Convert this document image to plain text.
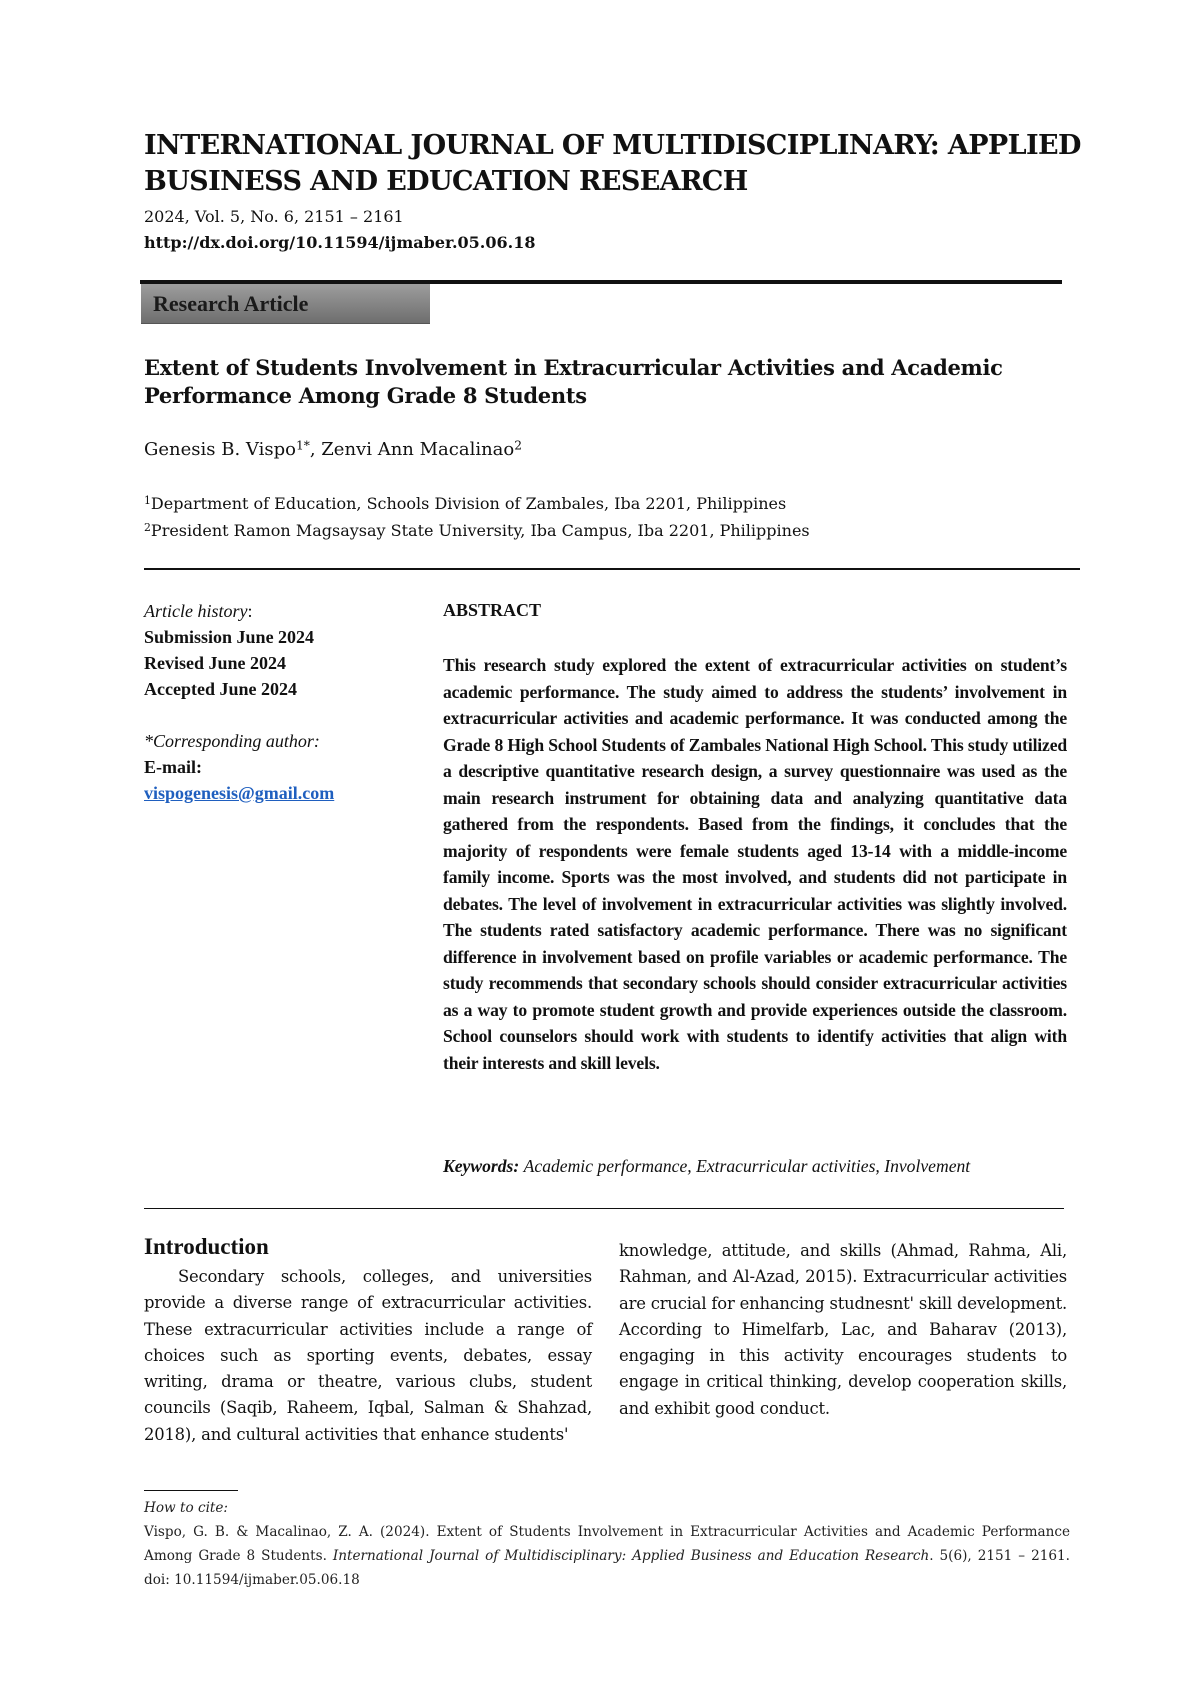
INTERNATIONAL JOURNAL OF MULTIDISCIPLINARY: APPLIED BUSINESS AND EDUCATION RESEARCH
2024, Vol. 5, No. 6, 2151 – 2161
http://dx.doi.org/10.11594/ijmaber.05.06.18
Research Article
Extent of Students Involvement in Extracurricular Activities and Academic Performance Among Grade 8 Students
Genesis B. Vispo$^{1*}$, Zenvi Ann Macalinao$^2$
$^1$Department of Education, Schools Division of Zambales, Iba 2201, Philippines
$^2$President Ramon Magsaysay State University, Iba Campus, Iba 2201, Philippines
Article history:
Submission June 2024
Revised June 2024
Accepted June 2024
*Corresponding author:
E-mail:
vispogenesis@gmail.com
ABSTRACT
This research study explored the extent of extracurricular activities on student’s academic performance. The study aimed to address the students’ involvement in extracurricular activities and academic performance. It was conducted among the Grade 8 High School Students of Zambales National High School. This study utilized a descriptive quantitative research design, a survey questionnaire was used as the main research instrument for obtaining data and analyzing quantitative data gathered from the respondents. Based from the findings, it concludes that the majority of respondents were female students aged 13-14 with a middle-income family income. Sports was the most involved, and students did not participate in debates. The level of involvement in extracurricular activities was slightly involved. The students rated satisfactory academic performance. There was no significant difference in involvement based on profile variables or academic performance. The study recommends that secondary schools should consider extracurricular activities as a way to promote student growth and provide experiences outside the classroom. School counselors should work with students to identify activities that align with their interests and skill levels.
Keywords: Academic performance, Extracurricular activities, Involvement
Introduction
Secondary schools, colleges, and universities provide a diverse range of extracurricular activities. These extracurricular activities include a range of choices such as sporting events, debates, essay writing, drama or theatre, various clubs, student councils (Saqib, Raheem, Iqbal, Salman & Shahzad, 2018), and cultural activities that enhance students'
knowledge, attitude, and skills (Ahmad, Rahma, Ali, Rahman, and Al-Azad, 2015). Extracurricular activities are crucial for enhancing studnesnt' skill development. According to Himelfarb, Lac, and Baharav (2013), engaging in this activity encourages students to engage in critical thinking, develop cooperation skills, and exhibit good conduct.
How to cite:
Vispo, G. B. & Macalinao, Z. A. (2024). Extent of Students Involvement in Extracurricular Activities and Academic Performance Among Grade 8 Students. International Journal of Multidisciplinary: Applied Business and Education Research. 5(6), 2151 – 2161. doi: 10.11594/ijmaber.05.06.18
